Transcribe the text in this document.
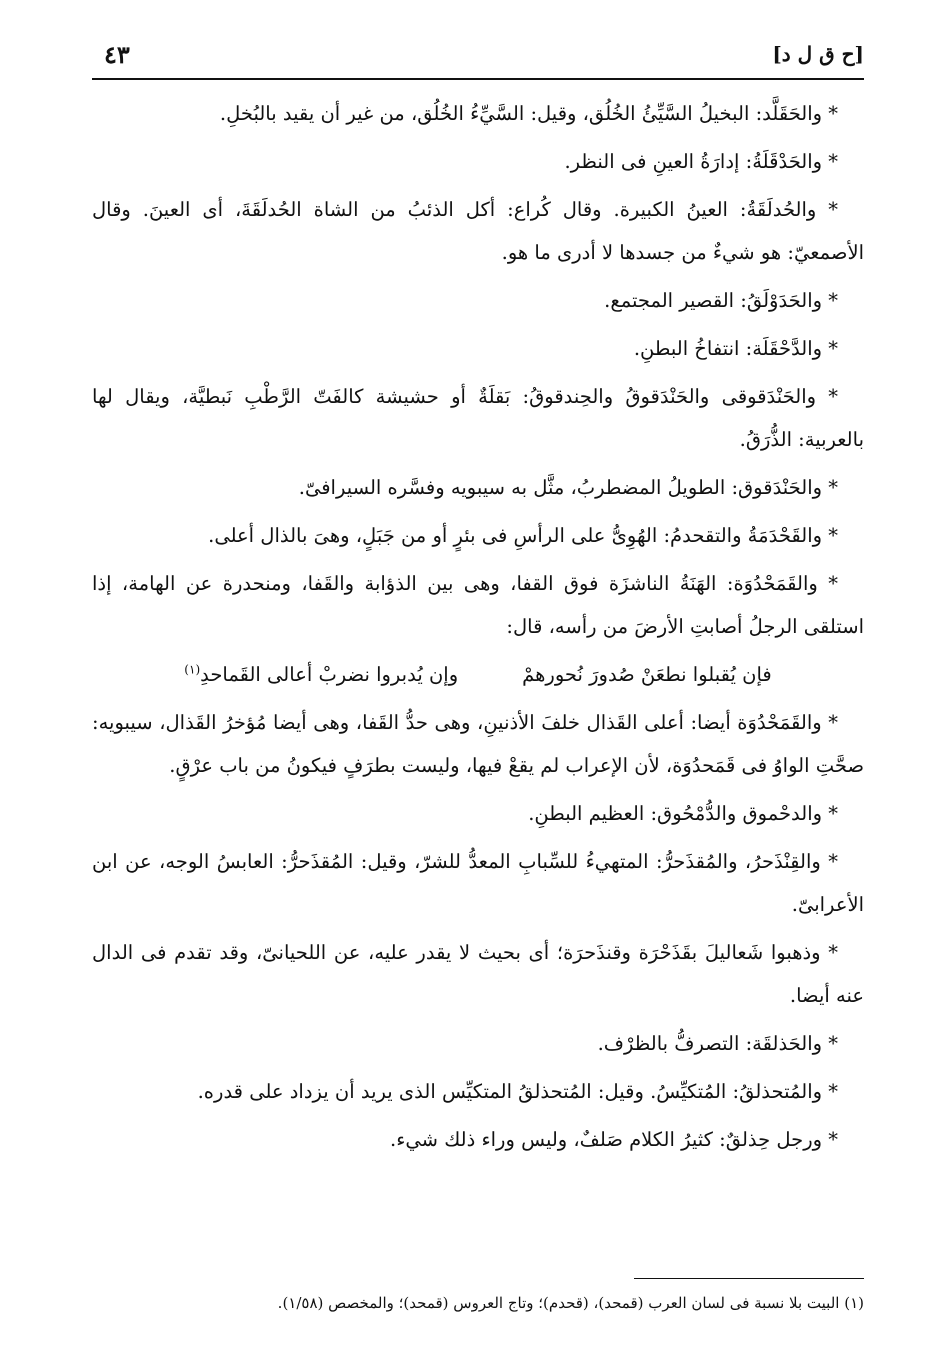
[ح ق ل د]
٤٣

* والحَقَلَّد: البخيلُ السَّيِّئُ الخُلُق، وقيل: السَّيِّءُ الخُلُق، من غير أن يقيد بالبُخلِ.

* والحَدْقَلَةُ: إدارَةُ العينِ فى النظر.

* والحُدلَقَةُ: العينُ الكبيرة. وقال كُراع: أكل الذئبُ من الشاة الحُدلَقَةَ، أى العينَ. وقال الأصمعيّ: هو شيءٌ من جسدها لا أدرى ما هو.

* والحَدَوْلَقُ: القصير المجتمع.

* والدَّحْقَلَة: انتفاخُ البطنِ.

* والحَنْدَقوقى والحَنْدَقوقُ والحِندقوقُ: بَقلَةٌ أو حشيشة كالفَتّ الرَّطْبِ نَبطيَّة، ويقال لها بالعربية: الذُّرَقُ.

* والحَنْدَقوق: الطويلُ المضطربُ، مثَّل به سيبويه وفسَّره السيرافىّ.

* والقَحْدَمَةُ والتقحدمُ: الهُوِىُّ على الرأسِ فى بئرٍ أو من جَبَلٍ، وهىَ بالذال أعلى.

* والقَمَحْدُوَة: الهَنَةُ الناشزَة فوق القفا، وهى بين الذؤابة والقَفا، ومنحدرة عن الهامة، إذا استلقى الرجلُ أصابتِ الأرضَ من رأسه، قال:

فإن يُقبلوا نطعَنْ صُدورَ نُحورهمْ
وإن يُدبروا نضربْ أعالى القَماحدِ$^{(١)}$

* والقَمَحْدُوَة أيضا: أعلى القَذال خلفَ الأذنينِ، وهى حدُّ القَفا، وهى أيضا مُؤخرُ القَذال، سيبويه: صحَّتِ الواوُ فى قَمَحدُوَة، لأن الإعراب لم يقعْ فيها، وليست بطرَفٍ فيكونُ من باب عرْقٍ.

* والدحْموق والدُّمْحُوق: العظيم البطنِ.

* والقِنْذَحرُ، والمُقذَحرُّ: المتهيءُ للسِّبابِ المعدُّ للشرّ، وقيل: المُقذَحرُّ: العابسُ الوجه، عن ابن الأعرابىّ.

* وذهبوا شَعاليلَ بقَذَحْرَة وقنذَحرَة؛ أى بحيث لا يقدر عليه، عن اللحيانىّ، وقد تقدم فى الدال عنه أيضا.

* والحَذلقَة: التصرفُّ بالظرْف.

* والمُتحذلقُ: المُتكيِّسُ. وقيل: المُتحذلقُ المتكيِّس الذى يريد أن يزداد على قدره.

* ورجل حِذلقٌ: كثيرُ الكلام صَلفٌ، وليس وراء ذلك شيء.

(١) البيت بلا نسبة فى لسان العرب (قمحد)، (قحدم)؛ وتاج العروس (قمحد)؛ والمخصص (١/٥٨).
